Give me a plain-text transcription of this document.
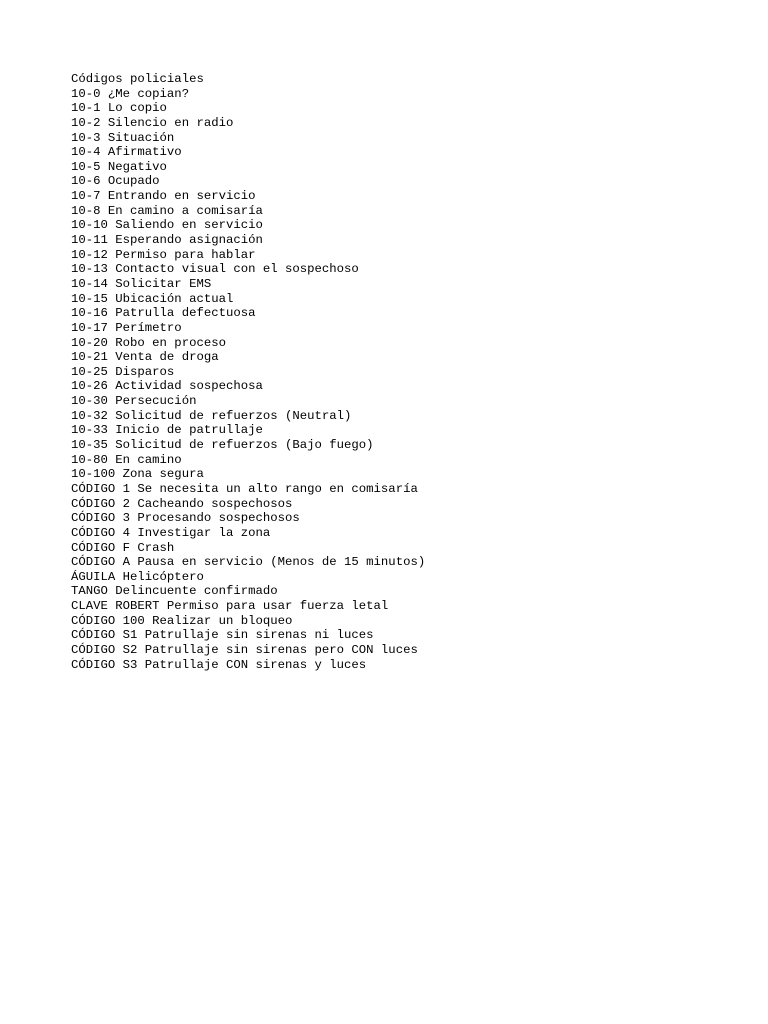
Códigos policiales
10-0 ¿Me copian?
10-1 Lo copio
10-2 Silencio en radio
10-3 Situación
10-4 Afirmativo
10-5 Negativo
10-6 Ocupado
10-7 Entrando en servicio
10-8 En camino a comisaría
10-10 Saliendo en servicio
10-11 Esperando asignación
10-12 Permiso para hablar
10-13 Contacto visual con el sospechoso
10-14 Solicitar EMS
10-15 Ubicación actual
10-16 Patrulla defectuosa
10-17 Perímetro
10-20 Robo en proceso
10-21 Venta de droga
10-25 Disparos
10-26 Actividad sospechosa
10-30 Persecución
10-32 Solicitud de refuerzos (Neutral)
10-33 Inicio de patrullaje
10-35 Solicitud de refuerzos (Bajo fuego)
10-80 En camino
10-100 Zona segura
CÓDIGO 1 Se necesita un alto rango en comisaría
CÓDIGO 2 Cacheando sospechosos
CÓDIGO 3 Procesando sospechosos
CÓDIGO 4 Investigar la zona
CÓDIGO F Crash
CÓDIGO A Pausa en servicio (Menos de 15 minutos)
ÁGUILA Helicóptero
TANGO Delincuente confirmado
CLAVE ROBERT Permiso para usar fuerza letal
CÓDIGO 100 Realizar un bloqueo
CÓDIGO S1 Patrullaje sin sirenas ni luces
CÓDIGO S2 Patrullaje sin sirenas pero CON luces
CÓDIGO S3 Patrullaje CON sirenas y luces
